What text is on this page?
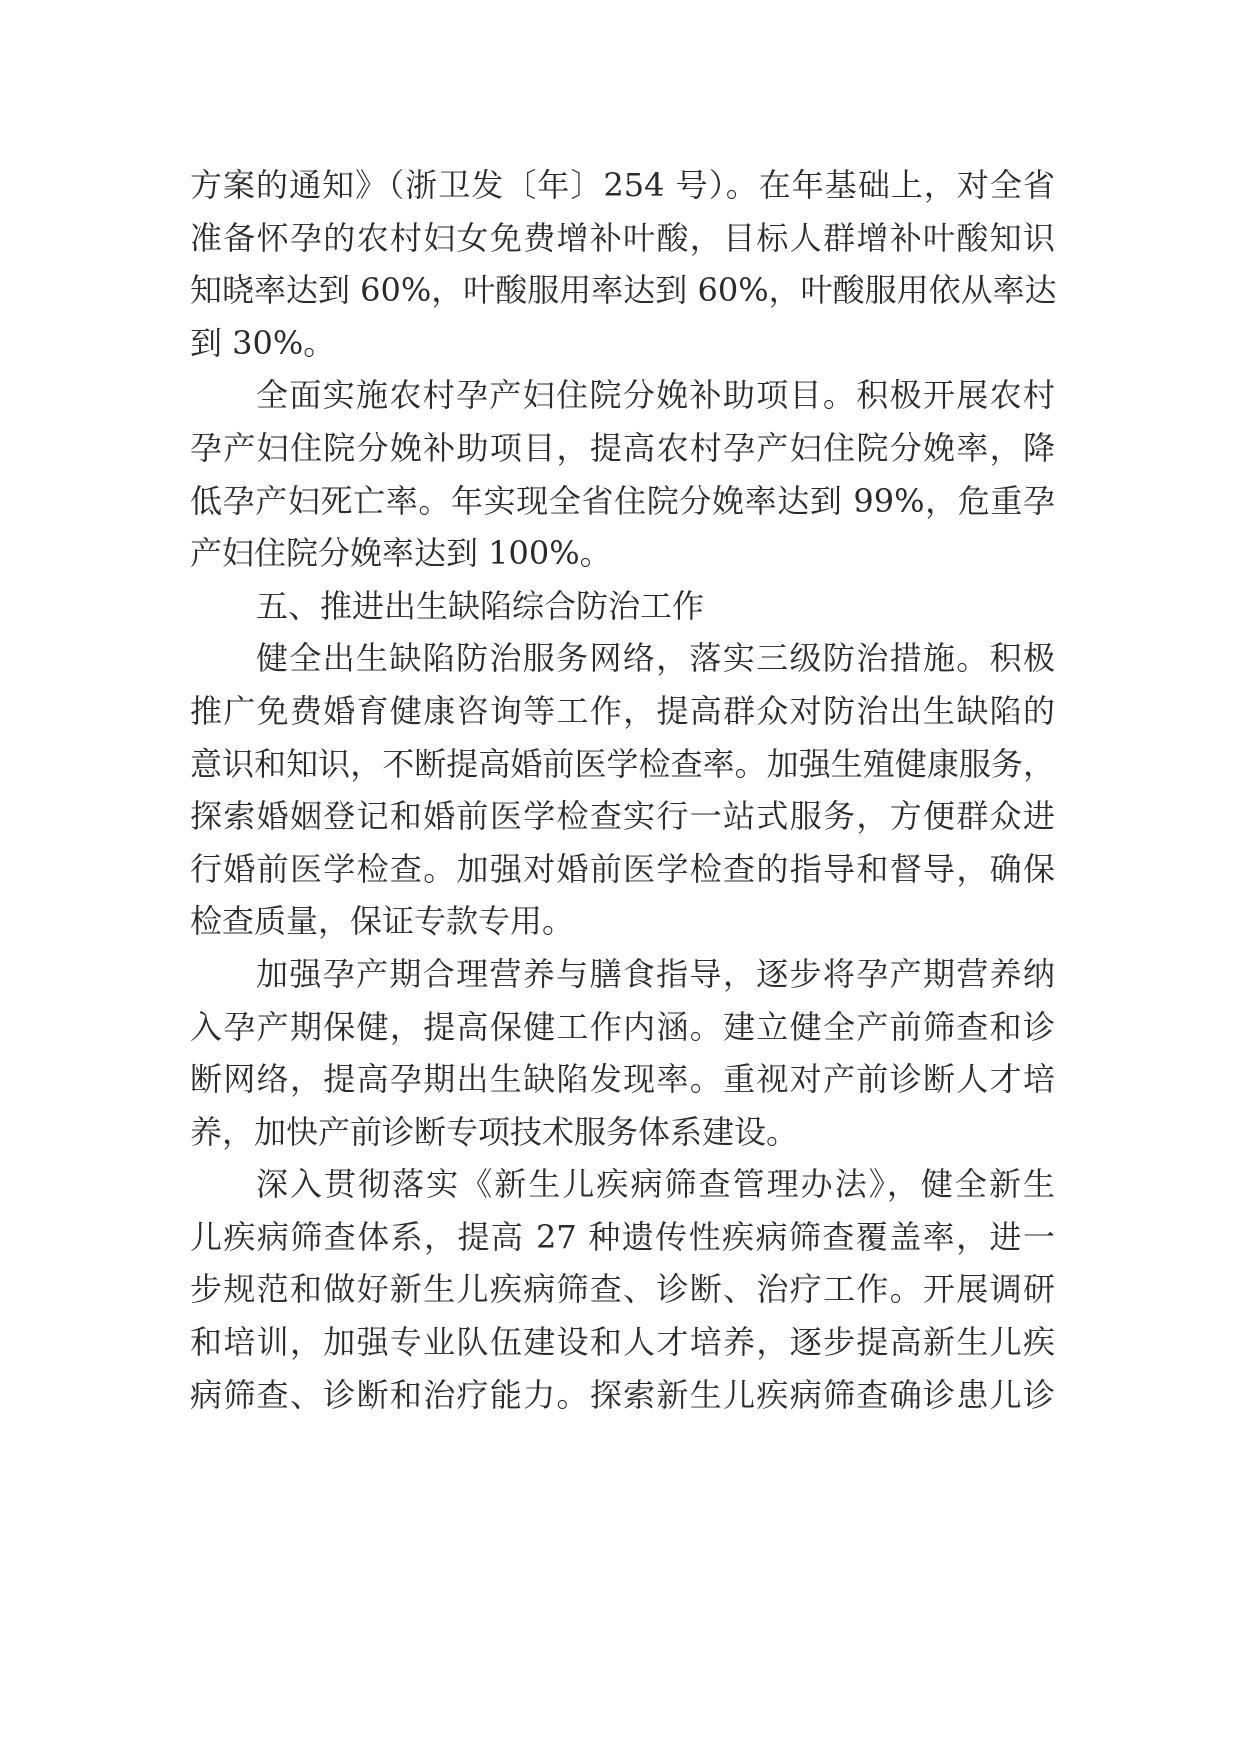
方案的通知》（浙卫发〔年〕254 号）。在年基础上，对全省
准备怀孕的农村妇女免费增补叶酸，目标人群增补叶酸知识
知晓率达到 60%，叶酸服用率达到 60%，叶酸服用依从率达
到 30%。
全面实施农村孕产妇住院分娩补助项目。积极开展农村
孕产妇住院分娩补助项目，提高农村孕产妇住院分娩率，降
低孕产妇死亡率。年实现全省住院分娩率达到 99%，危重孕
产妇住院分娩率达到 100%。
五、推进出生缺陷综合防治工作
健全出生缺陷防治服务网络，落实三级防治措施。积极
推广免费婚育健康咨询等工作，提高群众对防治出生缺陷的
意识和知识，不断提高婚前医学检查率。加强生殖健康服务，
探索婚姻登记和婚前医学检查实行一站式服务，方便群众进
行婚前医学检查。加强对婚前医学检查的指导和督导，确保
检查质量，保证专款专用。
加强孕产期合理营养与膳食指导，逐步将孕产期营养纳
入孕产期保健，提高保健工作内涵。建立健全产前筛查和诊
断网络，提高孕期出生缺陷发现率。重视对产前诊断人才培
养，加快产前诊断专项技术服务体系建设。
深入贯彻落实《新生儿疾病筛查管理办法》，健全新生
儿疾病筛查体系，提高 27 种遗传性疾病筛查覆盖率，进一
步规范和做好新生儿疾病筛查、诊断、治疗工作。开展调研
和培训，加强专业队伍建设和人才培养，逐步提高新生儿疾
病筛查、诊断和治疗能力。探索新生儿疾病筛查确诊患儿诊
